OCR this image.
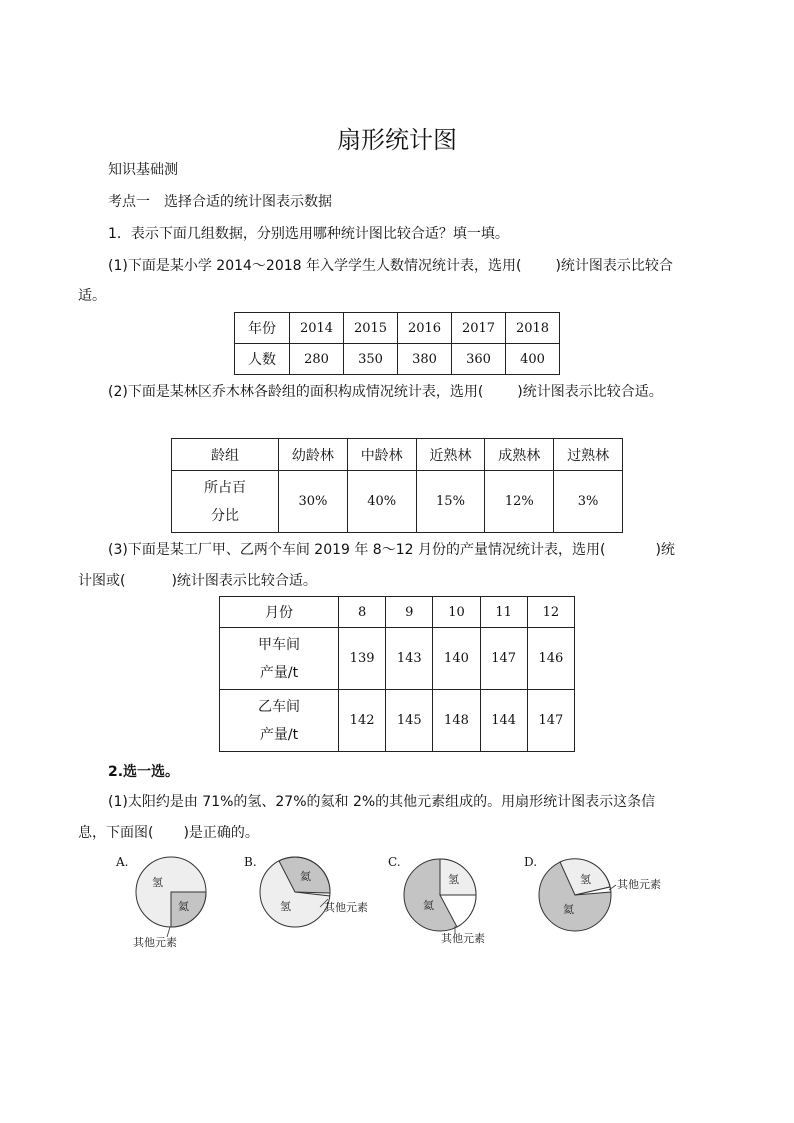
扇形统计图
知识基础测
考点一　选择合适的统计图表示数据
1．表示下面几组数据，分别选用哪种统计图比较合适？填一填。
(1)下面是某小学 2014～2018 年入学学生人数情况统计表，选用( )统计图表示比较合
适。
年份	2014	2015	2016	2017	2018
人数	280	350	380	360	400
(2)下面是某林区乔木林各龄组的面积构成情况统计表，选用( )统计图表示比较合适。
龄组	幼龄林	中龄林	近熟林	成熟林	过熟林
所占百
分比	30%	40%	15%	12%	3%
(3)下面是某工厂甲、乙两个车间 2019 年 8～12 月份的产量情况统计表，选用(	)统
计图或(	)统计图表示比较合适。
月份	8	9	10	11	12
甲车间
产量/t	139	143	140	147	146
乙车间
产量/t	142	145	148	144	147
2.选一选。
(1)太阳约是由 71%的氢、27%的氦和 2%的其他元素组成的。用扇形统计图表示这条信
息，下面图( )是正确的。
A.
氢
氦
其他元素
B.
氦
氢	其他元素
C.
氢
氦
其他元素
D.
氢
氦
其他元素
